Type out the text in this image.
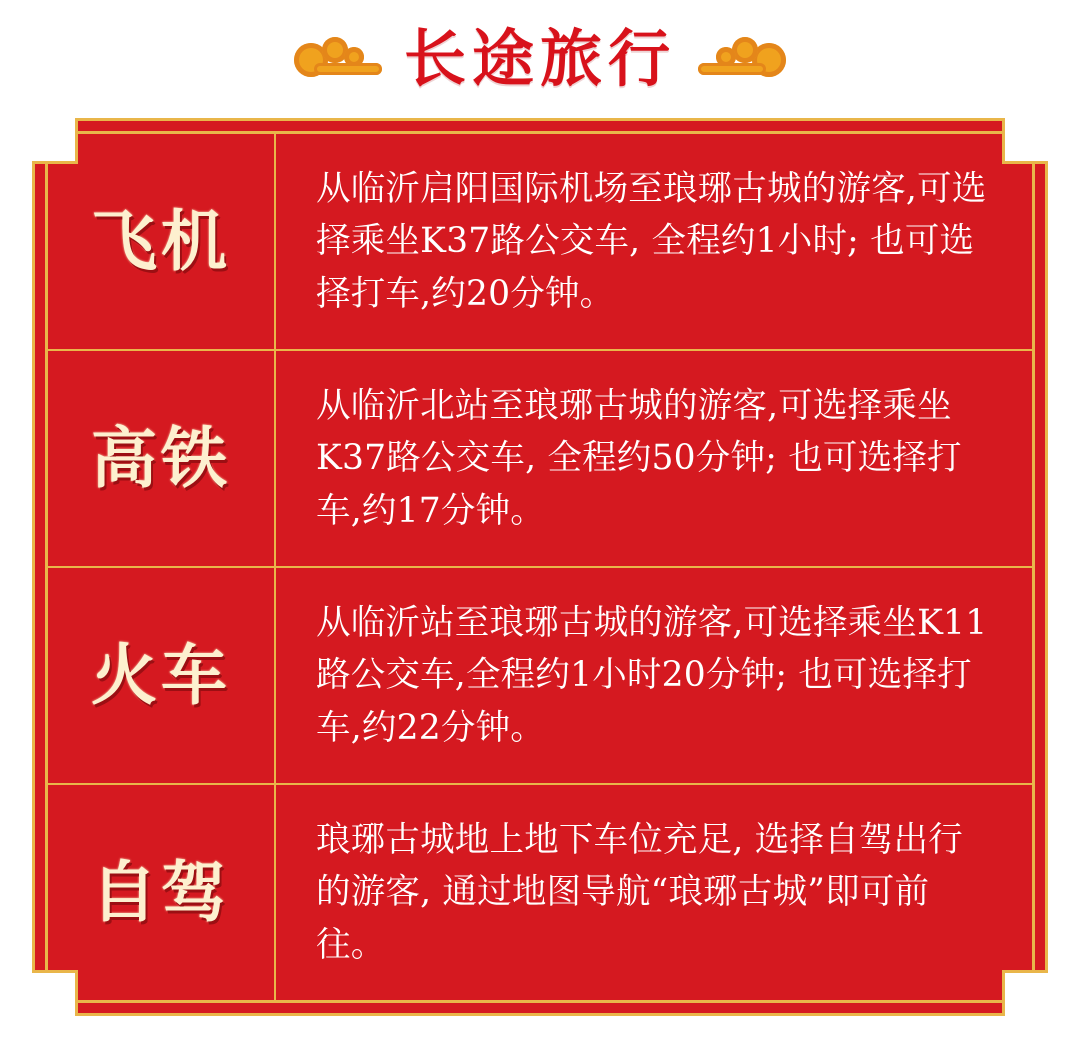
长途旅行
飞机

从临沂启阳国际机场至琅琊古城的游客,可选择乘坐K37路公交车, 全程约1小时; 也可选择打车,约20分钟。

高铁

从临沂北站至琅琊古城的游客,可选择乘坐K37路公交车, 全程约50分钟; 也可选择打车,约17分钟。

火车

从临沂站至琅琊古城的游客,可选择乘坐K11路公交车,全程约1小时20分钟; 也可选择打车,约22分钟。

自驾

琅琊古城地上地下车位充足, 选择自驾出行的游客, 通过地图导航“琅琊古城”即可前往。
